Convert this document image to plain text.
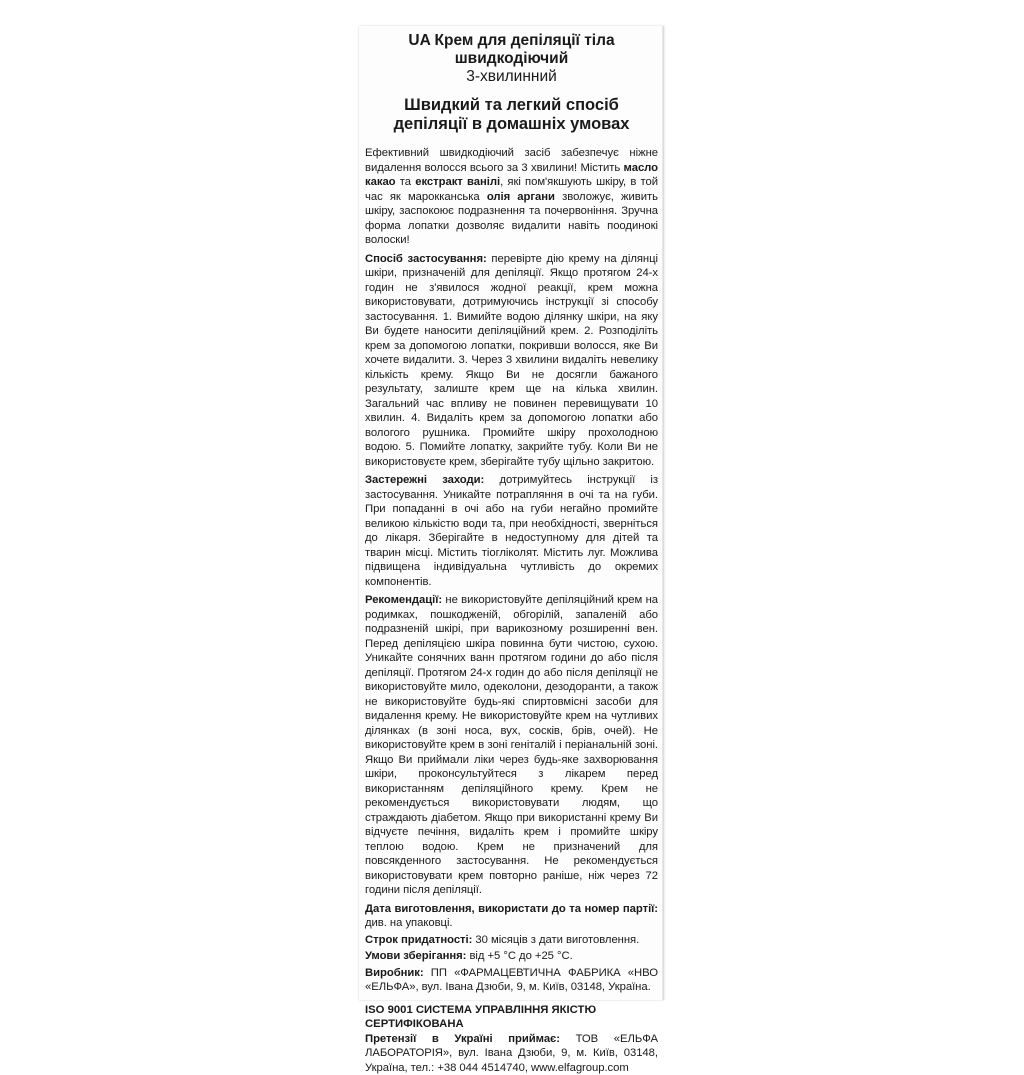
UA Крем для депіляції тіла

швидкодіючий

3-хвилинний

Швидкий та легкий спосіб

депіляції в домашніх умовах

Ефективний швидкодіючий засіб забезпечує ніжне видалення волосся всього за 3 хвилини! Містить масло какао та екстракт ванілі, які пом'якшують шкіру, в той час як марокканська олія аргани зволожує, живить шкіру, заспокоює подразнення та почервоніння. Зручна форма лопатки дозволяє видалити навіть поодинокі волоски!

Спосіб застосування: перевірте дію крему на ділянці шкіри, призначеній для депіляції. Якщо протягом 24-х годин не з'явилося жодної реакції, крем можна використовувати, дотримуючись інструкції зі способу застосування. 1. Вимийте водою ділянку шкіри, на яку Ви будете наносити депіляційний крем. 2. Розподіліть крем за допомогою лопатки, покривши волосся, яке Ви хочете видалити. 3. Через 3 хвилини видаліть невелику кількість крему. Якщо Ви не досягли бажаного результату, залиште крем ще на кілька хвилин. Загальний час впливу не повинен перевищувати 10 хвилин. 4. Видаліть крем за допомогою лопатки або вологого рушника. Промийте шкіру прохолодною водою. 5. Помийте лопатку, закрийте тубу. Коли Ви не використовуєте крем, зберігайте тубу щільно закритою.

Застережні заходи: дотримуйтесь інструкції із застосування. Уникайте потрапляння в очі та на губи. При попаданні в очі або на губи негайно промийте великою кількістю води та, при необхідності, зверніться до лікаря. Зберігайте в недоступному для дітей та тварин місці. Містить тіогліколят. Містить луг. Можлива підвищена індивідуальна чутливість до окремих компонентів.

Рекомендації: не використовуйте депіляційний крем на родимках, пошкодженій, обгорілій, запаленій або подразненій шкірі, при варикозному розширенні вен. Перед депіляцією шкіра повинна бути чистою, сухою. Уникайте сонячних ванн протягом години до або після депіляції. Протягом 24-х годин до або після депіляції не використовуйте мило, одеколони, дезодоранти, а також не використовуйте будь-які спиртовмісні засоби для видалення крему. Не використовуйте крем на чутливих ділянках (в зоні носа, вух, сосків, брів, очей). Не використовуйте крем в зоні геніталій і періанальній зоні. Якщо Ви приймали ліки через будь-яке захворювання шкіри, проконсультуйтеся з лікарем перед використанням депіляційного крему. Крем не рекомендується використовувати людям, що страждають діабетом. Якщо при використанні крему Ви відчуєте печіння, видаліть крем і промийте шкіру теплою водою. Крем не призначений для повсякденного застосування. Не рекомендується використовувати крем повторно раніше, ніж через 72 години після депіляції.

Дата виготовлення, використати до та номер партії: див. на упаковці.

Строк придатності: 30 місяців з дати виготовлення.

Умови зберігання: від +5 °С до +25 °С.

Виробник: ПП «ФАРМАЦЕВТИЧНА ФАБРИКА «НВО «ЕЛЬФА», вул. Івана Дзюби, 9, м. Київ, 03148, Україна.

ISO 9001 СИСТЕМА УПРАВЛІННЯ ЯКІСТЮ СЕРТИФІКОВАНА

Претензії в Україні приймає: ТОВ «ЕЛЬФА ЛАБОРАТОРІЯ», вул. Івана Дзюби, 9, м. Київ, 03148, Україна, тел.: +38 044 4514740, www.elfagroup.com
